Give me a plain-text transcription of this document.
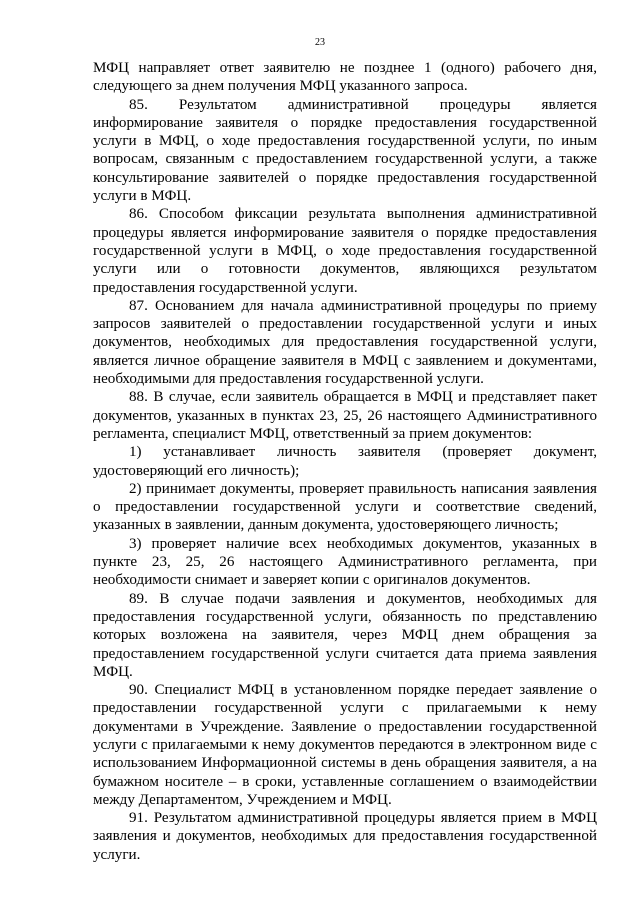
23

МФЦ направляет ответ заявителю не позднее 1 (одного) рабочего дня, следующего за днем получения МФЦ указанного запроса.

85. Результатом административной процедуры является информирование заявителя о порядке предоставления государственной услуги в МФЦ, о ходе предоставления государственной услуги, по иным вопросам, связанным с предоставлением государственной услуги, а также консультирование заявителей о порядке предоставления государственной услуги в МФЦ.

86. Способом фиксации результата выполнения административной процедуры является информирование заявителя о порядке предоставления государственной услуги в МФЦ, о ходе предоставления государственной услуги или о готовности документов, являющихся результатом предоставления государственной услуги.

87. Основанием для начала административной процедуры по приему запросов заявителей о предоставлении государственной услуги и иных документов, необходимых для предоставления государственной услуги, является личное обращение заявителя в МФЦ с заявлением и документами, необходимыми для предоставления государственной услуги.

88. В случае, если заявитель обращается в МФЦ и представляет пакет документов, указанных в пунктах 23, 25, 26 настоящего Административного регламента, специалист МФЦ, ответственный за прием документов:

1) устанавливает личность заявителя (проверяет документ, удостоверяющий его личность);

2) принимает документы, проверяет правильность написания заявления о предоставлении государственной услуги и соответствие сведений, указанных в заявлении, данным документа, удостоверяющего личность;

3) проверяет наличие всех необходимых документов, указанных в пункте 23, 25, 26 настоящего Административного регламента, при необходимости снимает и заверяет копии с оригиналов документов.

89. В случае подачи заявления и документов, необходимых для предоставления государственной услуги, обязанность по представлению которых возложена на заявителя, через МФЦ днем обращения за предоставлением государственной услуги считается дата приема заявления МФЦ.

90. Специалист МФЦ в установленном порядке передает заявление о предоставлении государственной услуги с прилагаемыми к нему документами в Учреждение. Заявление о предоставлении государственной услуги с прилагаемыми к нему документов передаются в электронном виде с использованием Информационной системы в день обращения заявителя, а на бумажном носителе – в сроки, уставленные соглашением о взаимодействии между Департаментом, Учреждением и МФЦ.

91. Результатом административной процедуры является прием в МФЦ заявления и документов, необходимых для предоставления государственной услуги.
